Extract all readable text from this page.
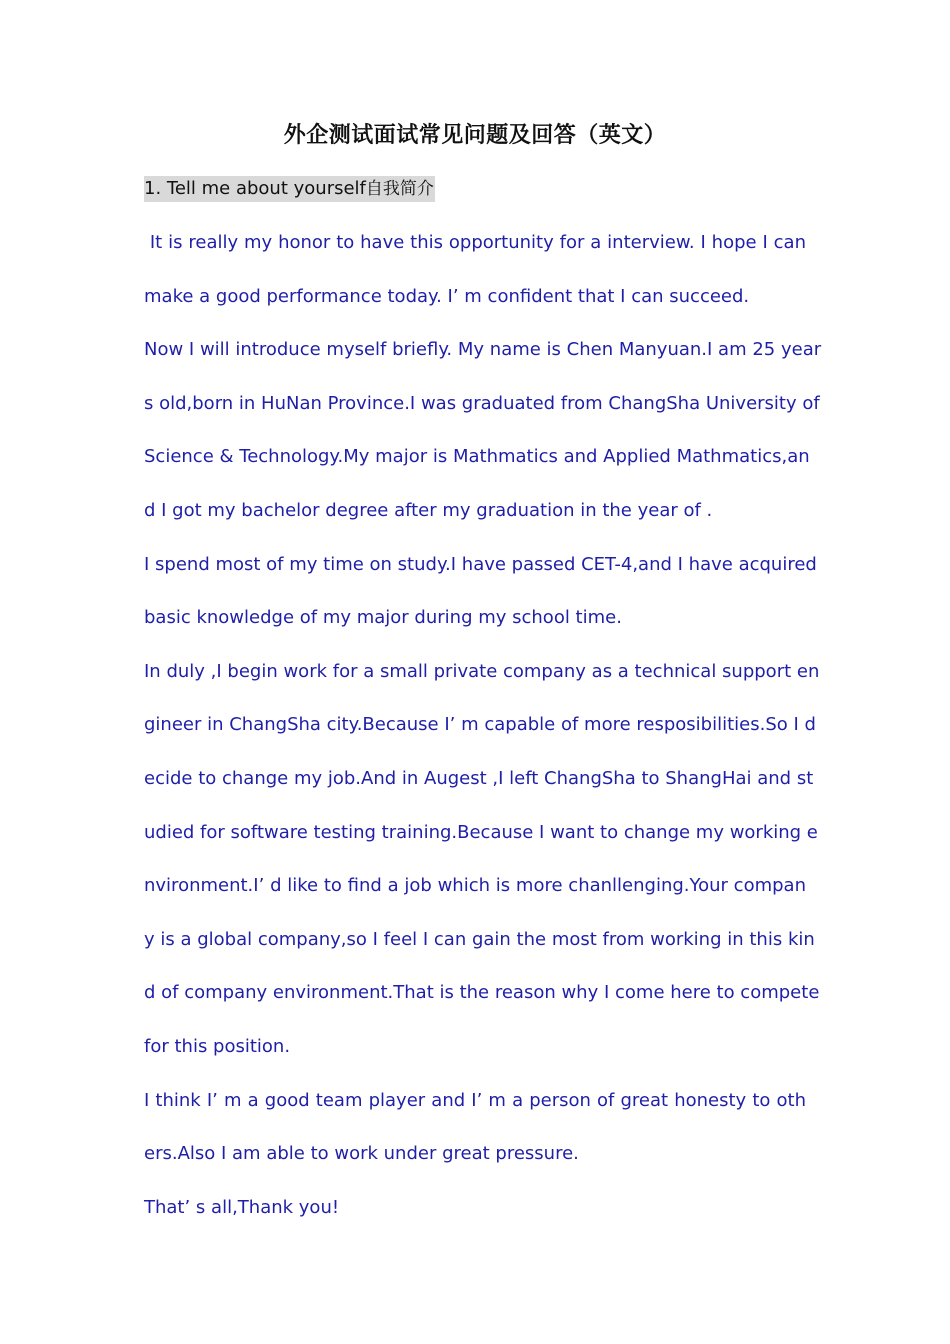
外企测试面试常见问题及回答（英文）
1. Tell me about yourself自我简介
It is really my honor to have this opportunity for a interview. I hope I can
make a good performance today. I’ m confident that I can succeed.
Now I will introduce myself briefly. My name is Chen Manyuan.I am 25 year
s old,born in HuNan Province.I was graduated from ChangSha University of
Science & Technology.My major is Mathmatics and Applied Mathmatics,an
d I got my bachelor degree after my graduation in the year of .
I spend most of my time on study.I have passed CET-4,and I have acquired
basic knowledge of my major during my school time.
In duly ,I begin work for a small private company as a technical support en
gineer in ChangSha city.Because I’ m capable of more resposibilities.So I d
ecide to change my job.And in Augest ,I left ChangSha to ShangHai and st
udied for software testing training.Because I want to change my working e
nvironment.I’ d like to find a job which is more chanllenging.Your compan
y is a global company,so I feel I can gain the most from working in this kin
d of company environment.That is the reason why I come here to compete
for this position.
I think I’ m a good team player and I’ m a person of great honesty to oth
ers.Also I am able to work under great pressure.
That’ s all,Thank you!
